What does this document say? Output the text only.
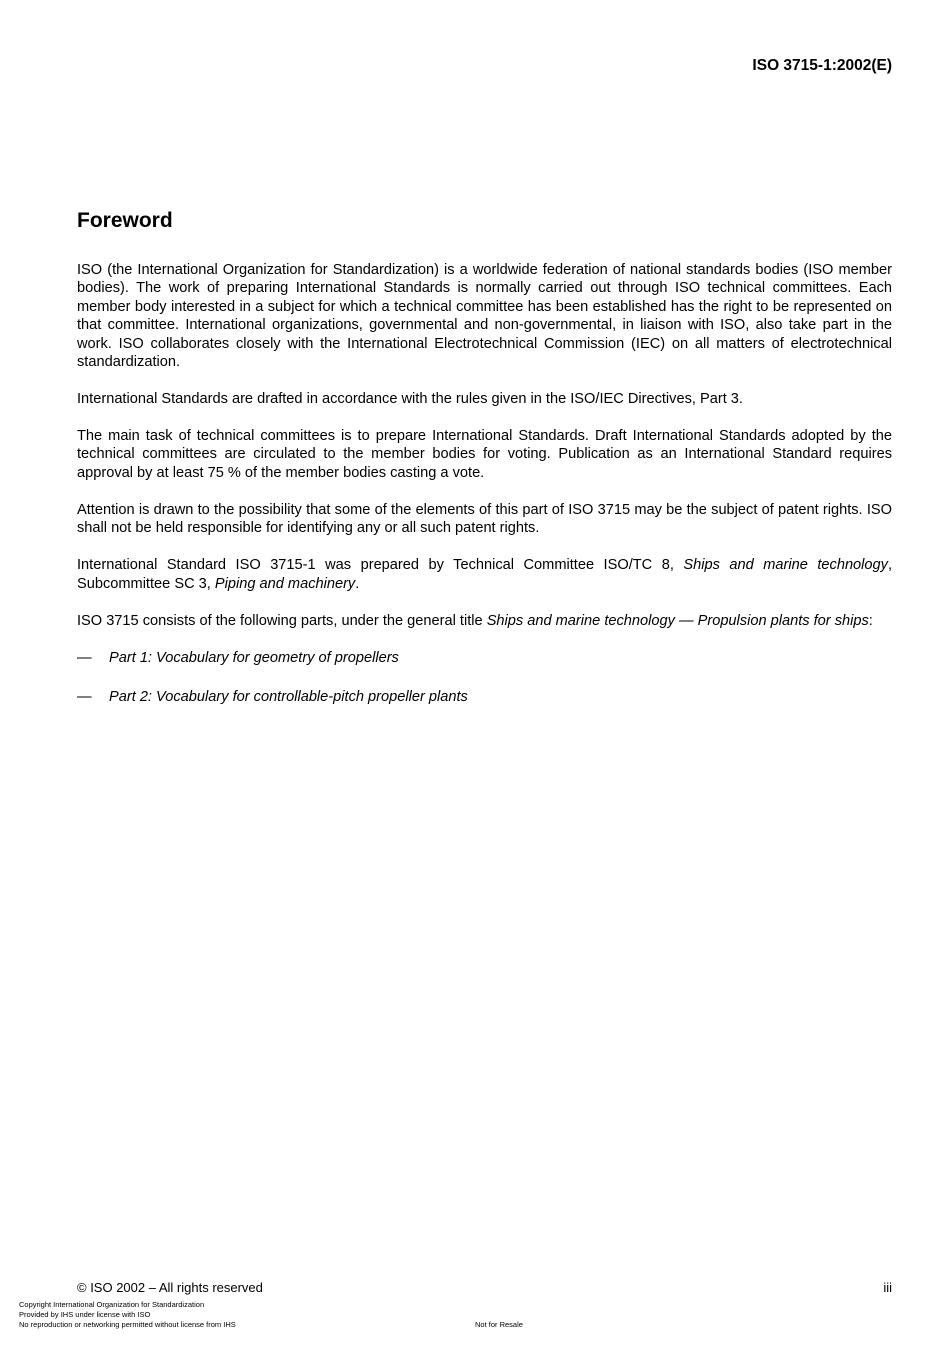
ISO 3715-1:2002(E)
Foreword

ISO (the International Organization for Standardization) is a worldwide federation of national standards bodies (ISO member bodies). The work of preparing International Standards is normally carried out through ISO technical committees. Each member body interested in a subject for which a technical committee has been established has the right to be represented on that committee. International organizations, governmental and non-governmental, in liaison with ISO, also take part in the work. ISO collaborates closely with the International Electrotechnical Commission (IEC) on all matters of electrotechnical standardization.

International Standards are drafted in accordance with the rules given in the ISO/IEC Directives, Part 3.

The main task of technical committees is to prepare International Standards. Draft International Standards adopted by the technical committees are circulated to the member bodies for voting. Publication as an International Standard requires approval by at least 75 % of the member bodies casting a vote.

Attention is drawn to the possibility that some of the elements of this part of ISO 3715 may be the subject of patent rights. ISO shall not be held responsible for identifying any or all such patent rights.

International Standard ISO 3715-1 was prepared by Technical Committee ISO/TC 8, Ships and marine technology, Subcommittee SC 3, Piping and machinery.

ISO 3715 consists of the following parts, under the general title Ships and marine technology — Propulsion plants for ships:

—	Part 1: Vocabulary for geometry of propellers
—	Part 2: Vocabulary for controllable-pitch propeller plants
© ISO 2002 – All rights reserved	iii
Copyright International Organization for Standardization
Provided by IHS under license with ISO
No reproduction or networking permitted without license from IHS	Not for Resale
